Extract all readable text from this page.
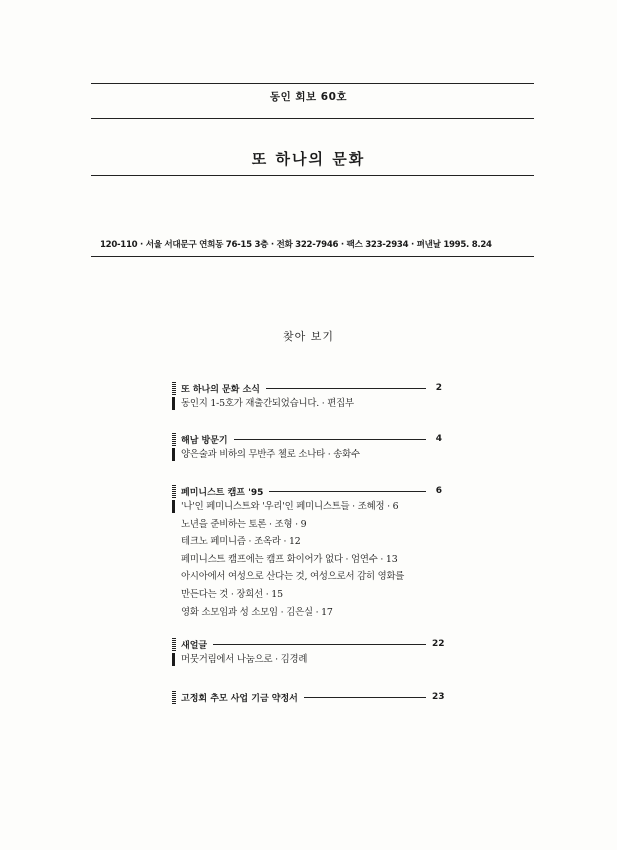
동인 회보 60호
또 하나의 문화
120-110 · 서울 서대문구 연희동 76-15 3층 · 전화 322-7946 · 팩스 323-2934 · 펴낸날 1995. 8.24
찾아 보기
또 하나의 문화 소식	2
동인지 1-5호가 재출간되었습니다. · 편집부
해남 방문기	4
양은술과 비하의 무반주 첼로 소나타 · 송화수
페미니스트 캠프 '95	6
'나'인 페미니스트와 '우리'인 페미니스트들 · 조혜정 · 6
노년을 준비하는 토론 · 조형 · 9
테크노 페미니즘 · 조옥라 · 12
페미니스트 캠프에는 캠프 화이어가 없다 · 엄연수 · 13
아시아에서 여성으로 산다는 것, 여성으로서 감히 영화를
만든다는 것 · 장희선 · 15
영화 소모임과 성 소모임 · 김은실 · 17
새얼글	22
머뭇거림에서 나눔으로 · 김경례
고정회 추모 사업 기금 약정서	23
